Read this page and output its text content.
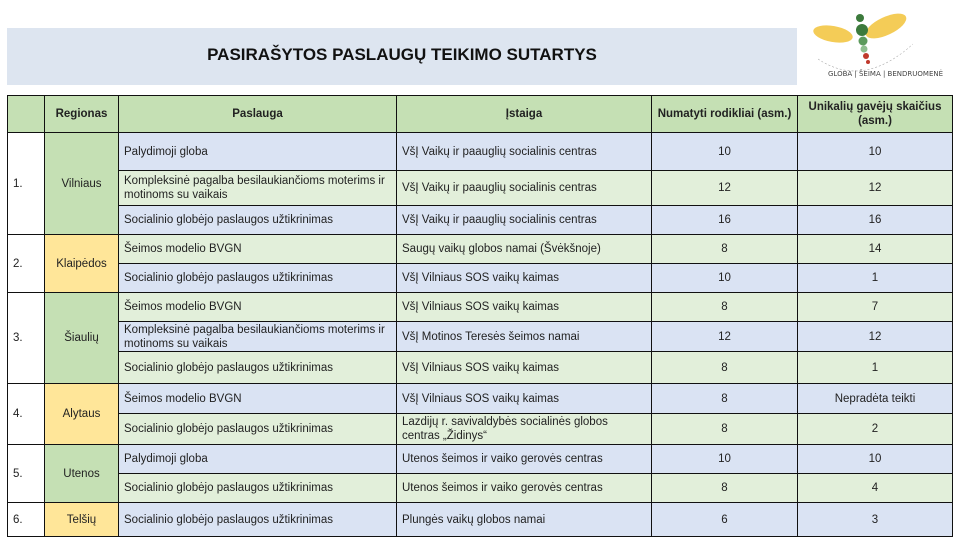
PASIRAŠYTOS PASLAUGŲ TEIKIMO SUTARTYS
GLOBA | ŠEIMA | BENDRUOMENĖ
	Regionas	Paslauga	Įstaiga	Numatyti rodikliai (asm.)	Unikalių gavėjų skaičius (asm.)
1.	Vilniaus	Palydimoji globa	VšĮ Vaikų ir paauglių socialinis centras	10	10
		Kompleksinė pagalba besilaukiančioms moterims ir motinoms su vaikais	VšĮ Vaikų ir paauglių socialinis centras	12	12
		Socialinio globėjo paslaugos užtikrinimas	VšĮ Vaikų ir paauglių socialinis centras	16	16
2.	Klaipėdos	Šeimos modelio BVGN	Saugų vaikų globos namai (Švėkšnoje)	8	14
		Socialinio globėjo paslaugos užtikrinimas	VšĮ Vilniaus SOS vaikų kaimas	10	1
3.	Šiaulių	Šeimos modelio BVGN	VšĮ Vilniaus SOS vaikų kaimas	8	7
		Kompleksinė pagalba besilaukiančioms moterims ir motinoms su vaikais	VšĮ Motinos Teresės šeimos namai	12	12
		Socialinio globėjo paslaugos užtikrinimas	VšĮ Vilniaus SOS vaikų kaimas	8	1
4.	Alytaus	Šeimos modelio BVGN	VšĮ Vilniaus SOS vaikų kaimas	8	Nepradėta teikti
		Socialinio globėjo paslaugos užtikrinimas	Lazdijų r. savivaldybės socialinės globos centras „Židinys“	8	2
5.	Utenos	Palydimoji globa	Utenos šeimos ir vaiko gerovės centras	10	10
		Socialinio globėjo paslaugos užtikrinimas	Utenos šeimos ir vaiko gerovės centras	8	4
6.	Telšių	Socialinio globėjo paslaugos užtikrinimas	Plungės vaikų globos namai	6	3
